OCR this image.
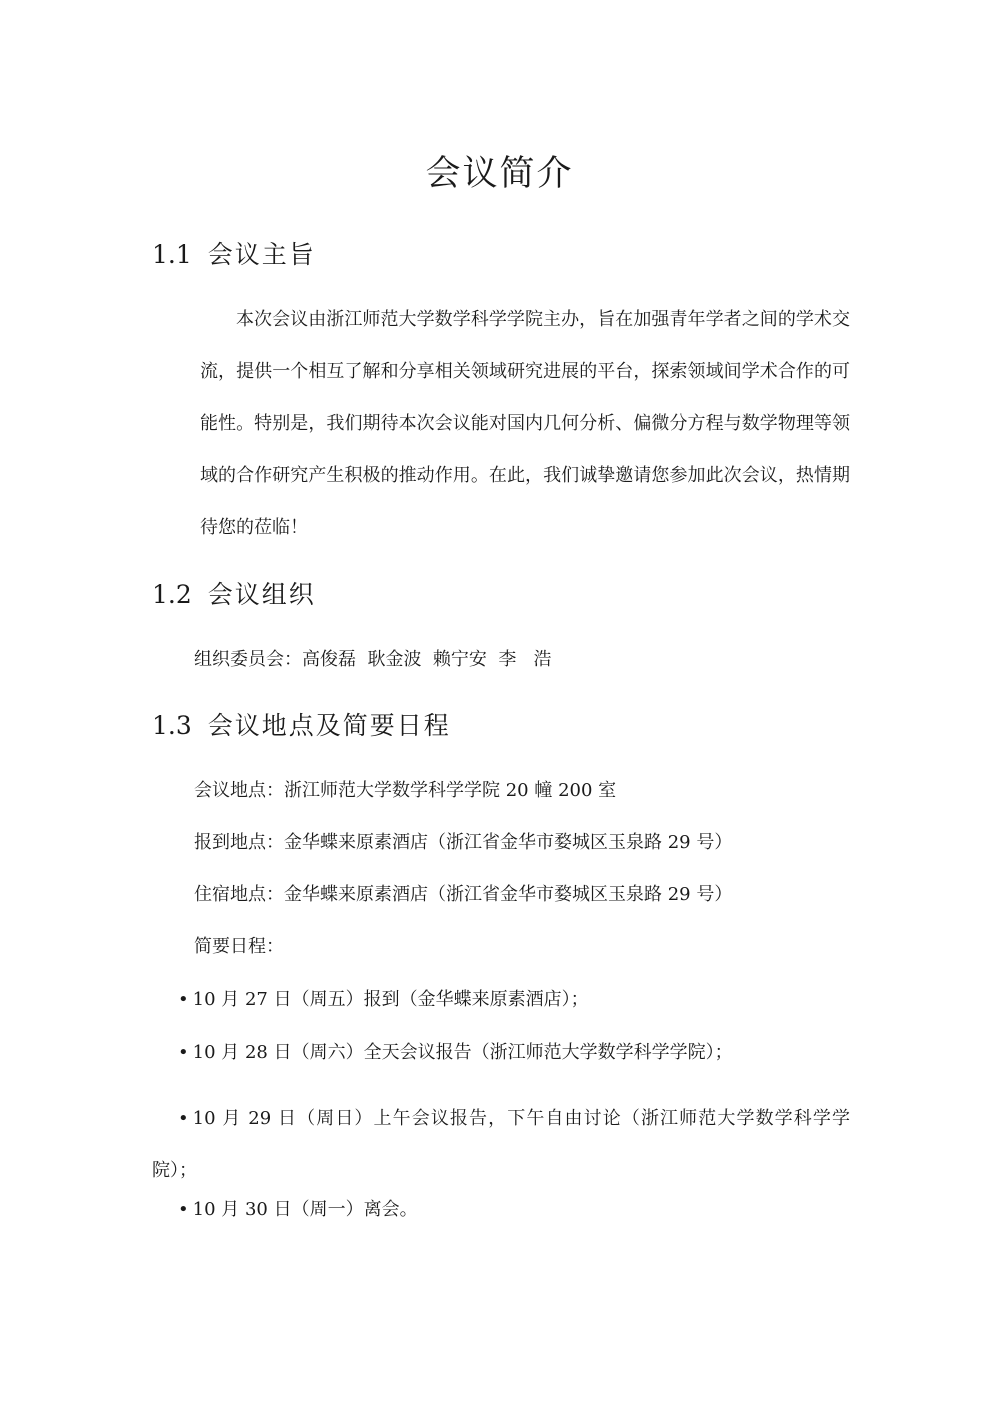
会议简介
1.1 会议主旨

本次会议由浙江师范大学数学科学学院主办，旨在加强青年学者之间的学术交流，提供一个相互了解和分享相关领域研究进展的平台，探索领域间学术合作的可能性。特别是，我们期待本次会议能对国内几何分析、偏微分方程与数学物理等领域的合作研究产生积极的推动作用。在此，我们诚挚邀请您参加此次会议，热情期待您的莅临！

1.2 会议组织

组织委员会：高俊磊  耿金波  赖宁安  李   浩

1.3 会议地点及简要日程

会议地点：浙江师范大学数学科学学院 20 幢 200 室

报到地点：金华蝶来原素酒店（浙江省金华市婺城区玉泉路 29 号）

住宿地点：金华蝶来原素酒店（浙江省金华市婺城区玉泉路 29 号）

简要日程：

• 10 月 27 日（周五）报到（金华蝶来原素酒店）；

• 10 月 28 日（周六）全天会议报告（浙江师范大学数学科学学院）；

• 10 月 29 日（周日）上午会议报告，下午自由讨论（浙江师范大学数学科学学院）；

• 10 月 30 日（周一）离会。
